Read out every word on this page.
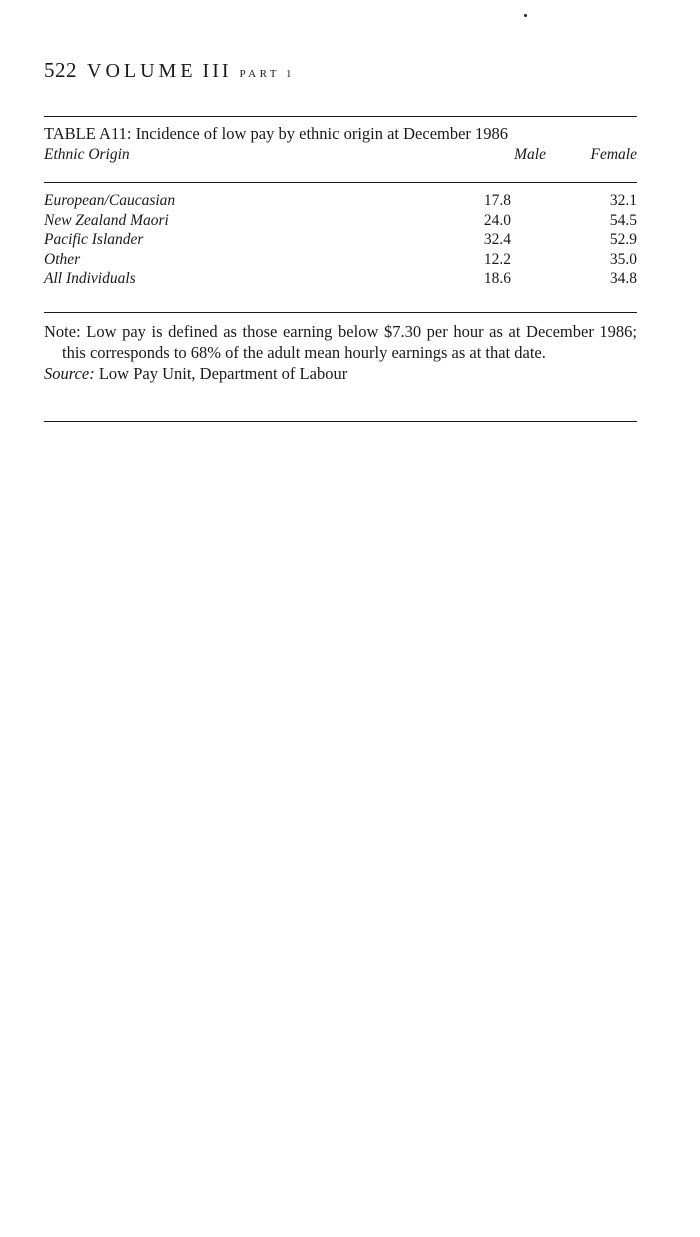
522 VOLUME III PART 1
TABLE A11: Incidence of low pay by ethnic origin at December 1986
Ethnic Origin	Male	Female
European/Caucasian	17.8	32.1
New Zealand Maori	24.0	54.5
Pacific Islander	32.4	52.9
Other	12.2	35.0
All Individuals	18.6	34.8
Note: Low pay is defined as those earning below $7.30 per hour as at December 1986; this corresponds to 68% of the adult mean hourly earnings as at that date.
Source: Low Pay Unit, Department of Labour
